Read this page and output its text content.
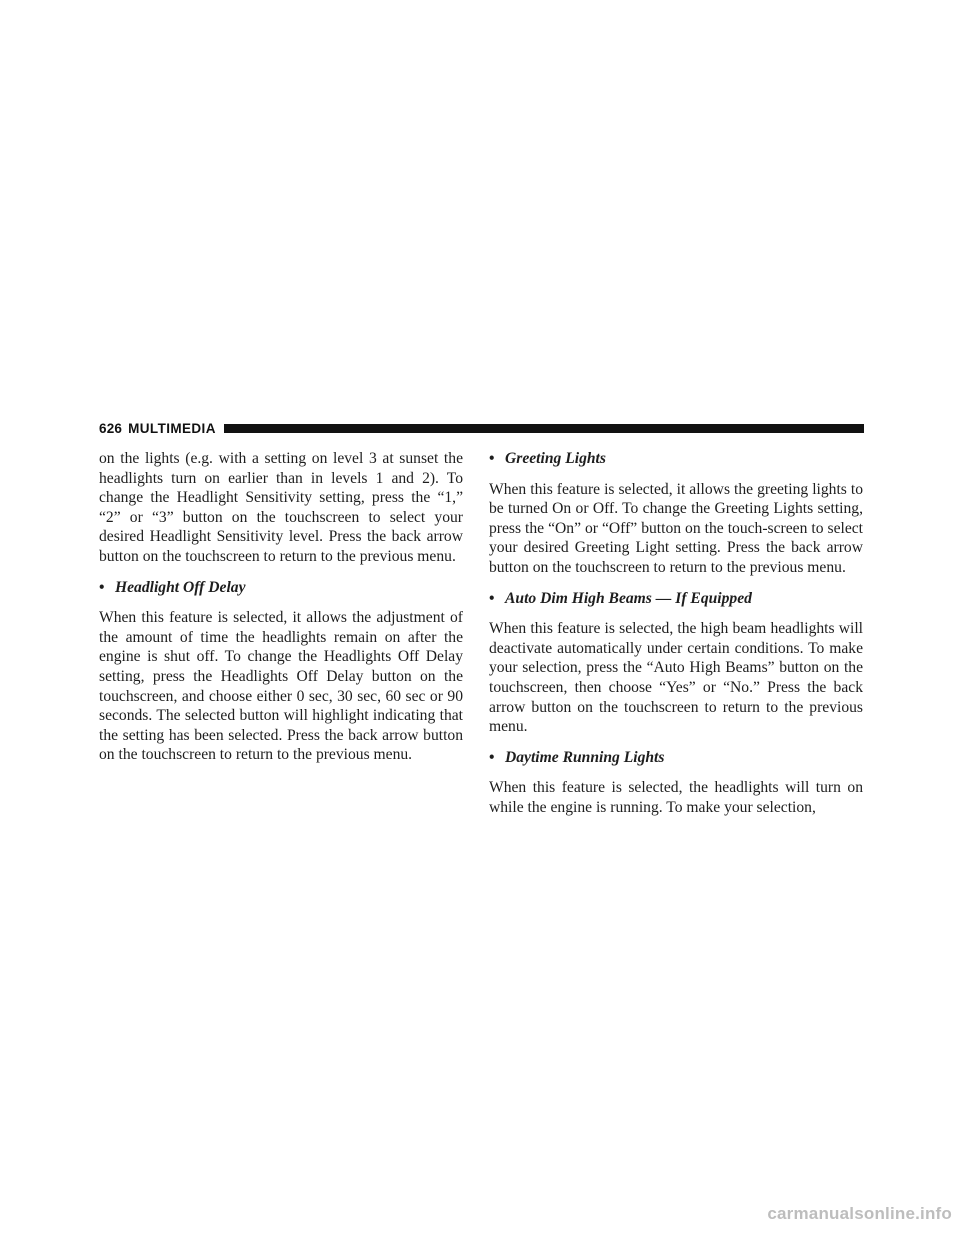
626 MULTIMEDIA

on the lights (e.g. with a setting on level 3 at sunset the headlights turn on earlier than in levels 1 and 2). To change the Headlight Sensitivity setting, press the “1,” “2” or “3” button on the touchscreen to select your desired Headlight Sensitivity level. Press the back arrow button on the touchscreen to return to the previous menu.

• Headlight Off Delay

When this feature is selected, it allows the adjustment of the amount of time the headlights remain on after the engine is shut off. To change the Headlights Off Delay setting, press the Headlights Off Delay button on the touchscreen, and choose either 0 sec, 30 sec, 60 sec or 90 seconds. The selected button will highlight indicating that the setting has been selected. Press the back arrow button on the touchscreen to return to the previous menu.

• Greeting Lights

When this feature is selected, it allows the greeting lights to be turned On or Off. To change the Greeting Lights setting, press the “On” or “Off” button on the touch-screen to select your desired Greeting Light setting. Press the back arrow button on the touchscreen to return to the previous menu.

• Auto Dim High Beams — If Equipped

When this feature is selected, the high beam headlights will deactivate automatically under certain conditions. To make your selection, press the “Auto High Beams” button on the touchscreen, then choose “Yes” or “No.” Press the back arrow button on the touchscreen to return to the previous menu.

• Daytime Running Lights

When this feature is selected, the headlights will turn on while the engine is running. To make your selection,

carmanualsonline.info
